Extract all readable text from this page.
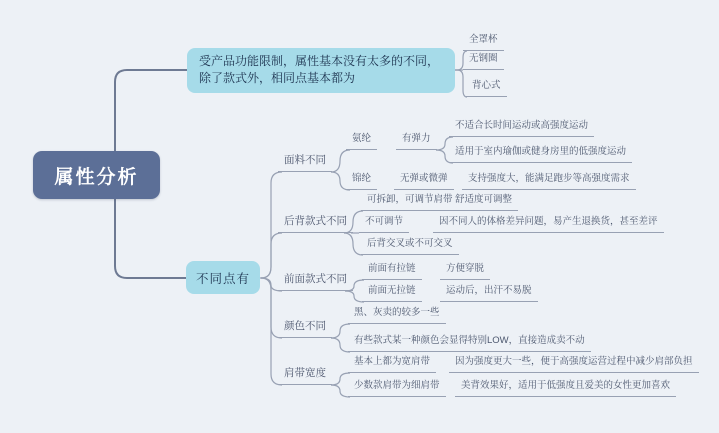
属性分析
受产品功能限制，属性基本没有太多的不同，除了款式外，相同点基本都为
全罩杯
无钢圈
背心式
不同点有
面料不同
氨纶	有弹力
不适合长时间运动或高强度运动
适用于室内瑜伽或健身房里的低强度运动
锦纶	无弹或微弹	支持强度大，能满足跑步等高强度需求
后背款式不同
可拆卸，可调节肩带 舒适度可调整
不可调节	因不同人的体格差异问题，易产生退换货，甚至差评
后背交叉或不可交叉
前面款式不同
前面有拉链	方便穿脱
前面无拉链	运动后，出汗不易脱
颜色不同
黑、灰卖的较多一些
有些款式某一种颜色会显得特别LOW，直接造成卖不动
肩带宽度
基本上都为宽肩带	因为强度更大一些，便于高强度运营过程中减少肩部负担
少数款肩带为细肩带	美背效果好，适用于低强度且爱美的女性更加喜欢
